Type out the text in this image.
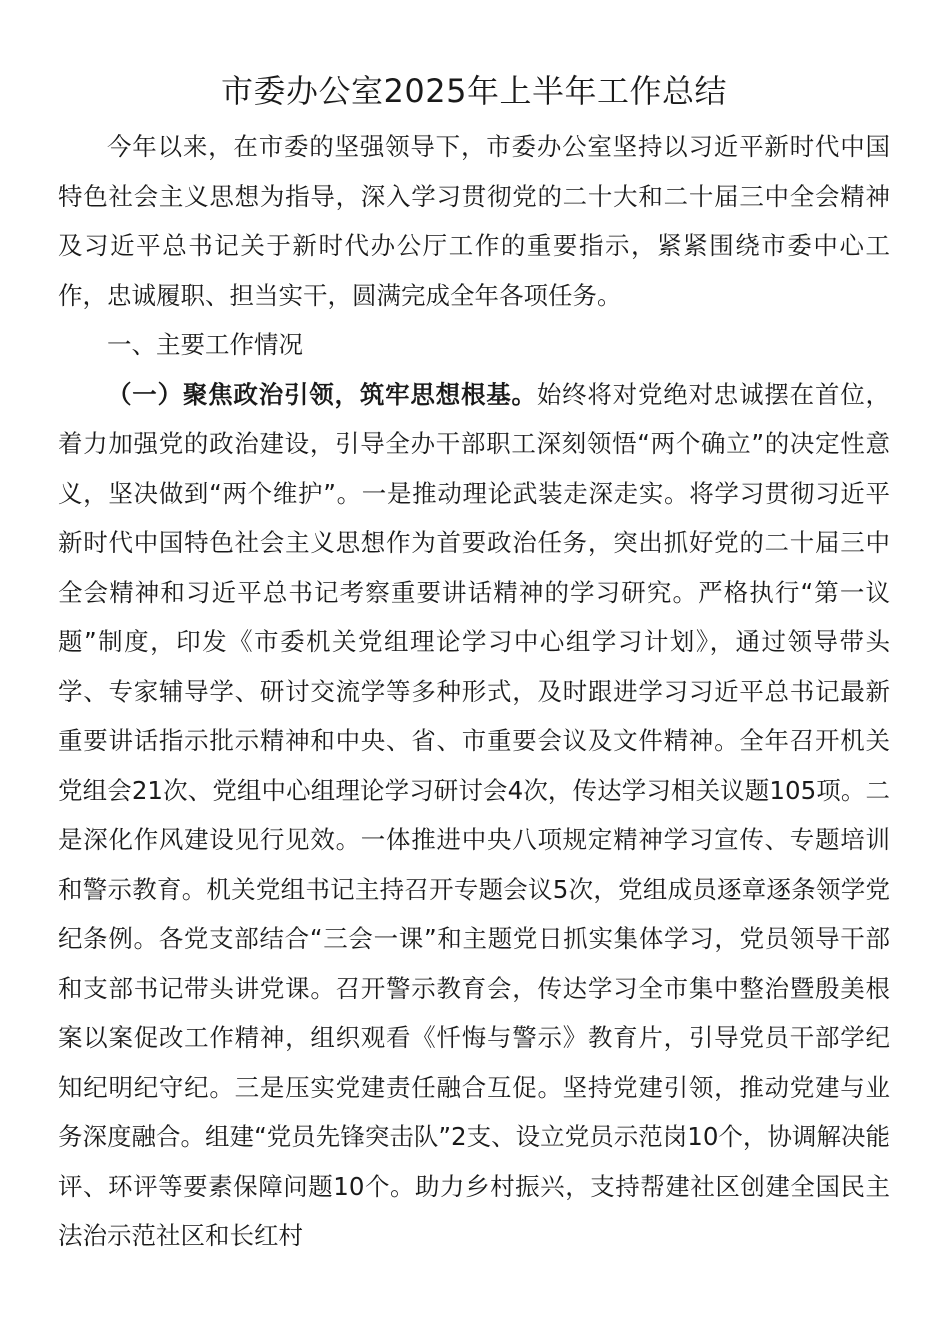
市委办公室2025年上半年工作总结

今年以来，在市委的坚强领导下，市委办公室坚持以习近平新时代中国特色社会主义思想为指导，深入学习贯彻党的二十大和二十届三中全会精神及习近平总书记关于新时代办公厅工作的重要指示，紧紧围绕市委中心工作，忠诚履职、担当实干，圆满完成全年各项任务。

一、主要工作情况

（一）聚焦政治引领，筑牢思想根基。始终将对党绝对忠诚摆在首位，着力加强党的政治建设，引导全办干部职工深刻领悟“两个确立”的决定性意义，坚决做到“两个维护”。一是推动理论武装走深走实。将学习贯彻习近平新时代中国特色社会主义思想作为首要政治任务，突出抓好党的二十届三中全会精神和习近平总书记考察重要讲话精神的学习研究。严格执行“第一议题”制度，印发《市委机关党组理论学习中心组学习计划》，通过领导带头学、专家辅导学、研讨交流学等多种形式，及时跟进学习习近平总书记最新重要讲话指示批示精神和中央、省、市重要会议及文件精神。全年召开机关党组会21次、党组中心组理论学习研讨会4次，传达学习相关议题105项。二是深化作风建设见行见效。一体推进中央八项规定精神学习宣传、专题培训和警示教育。机关党组书记主持召开专题会议5次，党组成员逐章逐条领学党纪条例。各党支部结合“三会一课”和主题党日抓实集体学习，党员领导干部和支部书记带头讲党课。召开警示教育会，传达学习全市集中整治暨殷美根案以案促改工作精神，组织观看《忏悔与警示》教育片，引导党员干部学纪知纪明纪守纪。三是压实党建责任融合互促。坚持党建引领，推动党建与业务深度融合。组建“党员先锋突击队”2支、设立党员示范岗10个，协调解决能评、环评等要素保障问题10个。助力乡村振兴，支持帮建社区创建全国民主法治示范社区和长红村
